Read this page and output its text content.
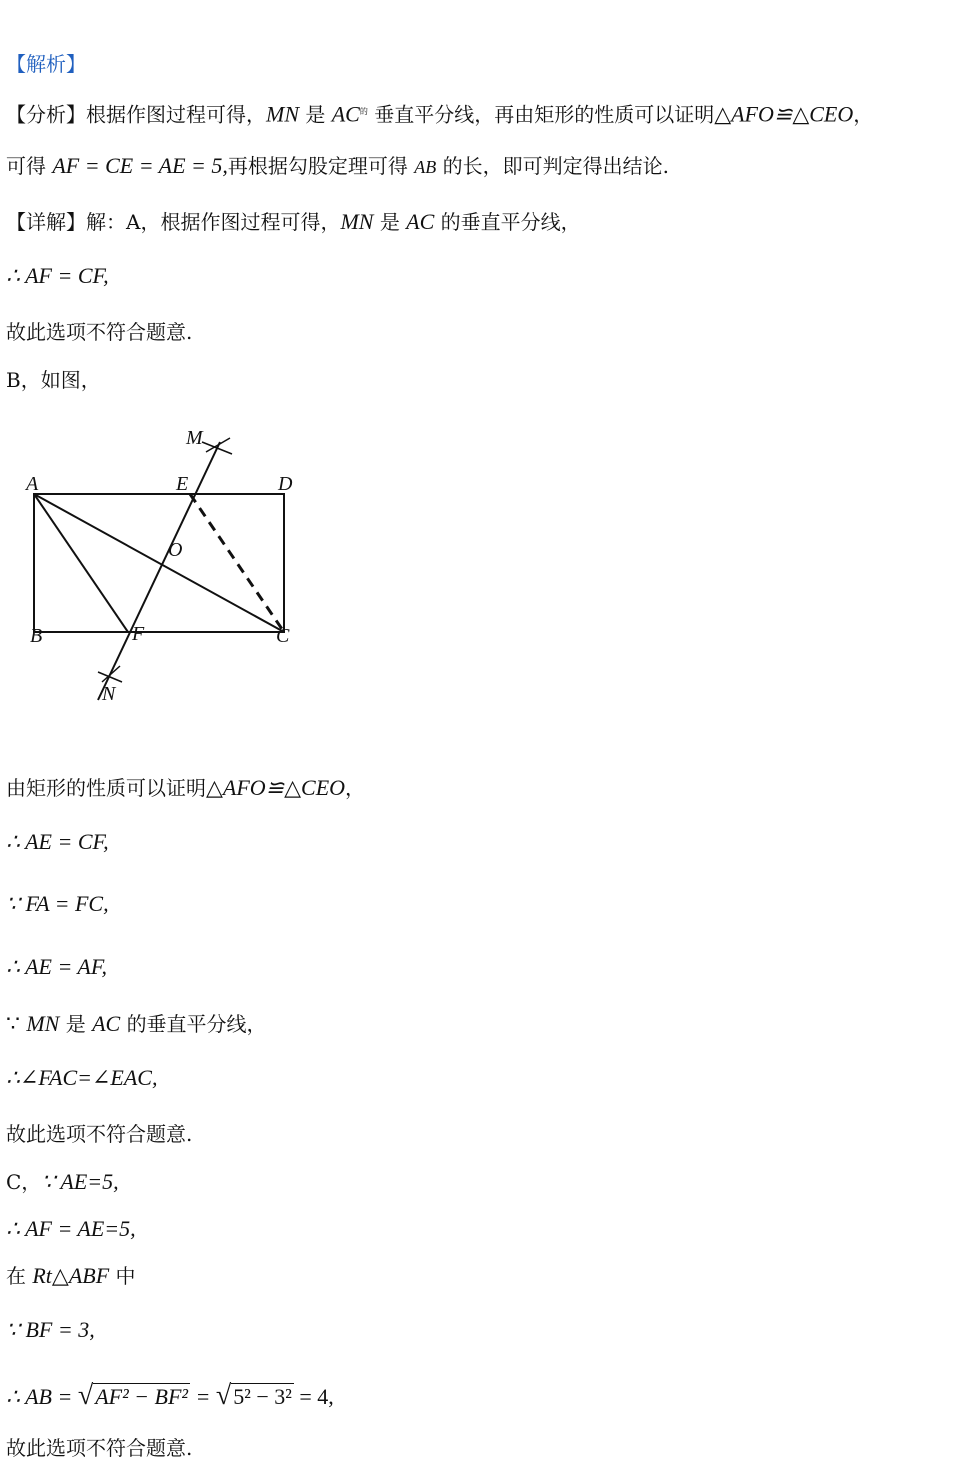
【解析】
【分析】根据作图过程可得，MN 是 $AC^的$ 垂直平分线，再由矩形的性质可以证明△AFO≌△CEO，
可得 AF = CE = AE = 5,再根据勾股定理可得 AB 的长，即可判定得出结论.
【详解】解：A，根据作图过程可得，MN 是 AC 的垂直平分线，
∴ AF = CF,
故此选项不符合题意.
B，如图，
M
E	D
A
O
B	F	C
N
由矩形的性质可以证明△AFO≌△CEO，
∴ AE = CF,
∵ FA = FC,
∴ AE = AF,
∵ MN 是 AC 的垂直平分线，
∴∠FAC=∠EAC,
故此选项不符合题意.
C，∵ AE=5,
∴ AF = AE=5,
在 Rt△ABF 中
∵ BF = 3,
∴ AB = √AF² − BF² = √5² − 3² = 4,
故此选项不符合题意.
